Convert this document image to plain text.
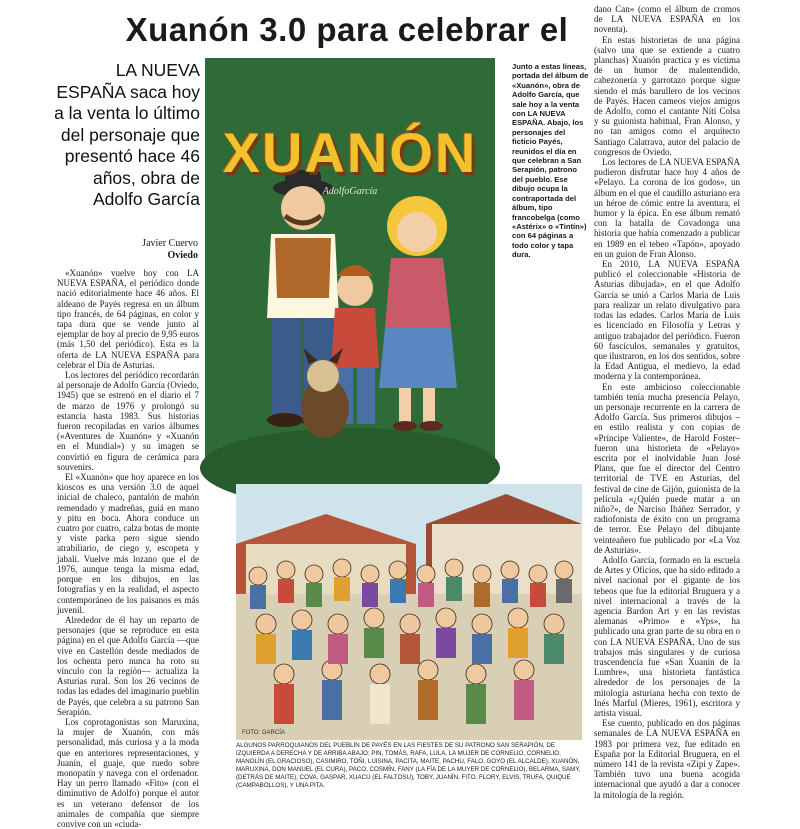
Xuanón 3.0 para celebrar el
LA NUEVA ESPAÑA saca hoy a la venta lo último del personaje que presentó hace 46 años, obra de Adolfo García
Javier Cuervo
Oviedo

«Xuanón» vuelve hoy con LA NUEVA ESPAÑA, el periódico donde nació editorialmente hace 46 años. El aldeano de Payés regresa en un álbum tipo francés, de 64 páginas, en color y tapa dura que se vende junto al ejemplar de hoy al precio de 9,95 euros (más 1,50 del periódico). Esta es la oferta de LA NUEVA ESPAÑA para celebrar el Día de Asturias.

Los lectores del periódico recordarán al personaje de Adolfo García (Oviedo, 1945) que se estrenó en el diario el 7 de marzo de 1976 y prolongó su estancia hasta 1983. Sus historias fueron recopiladas en varios álbumes («Aventures de Xuanón» y «Xuanón en el Mundial») y su imagen se convirtió en figura de cerámica para souvenirs.

El «Xuanón» que hoy aparece en los kioscos es una versión 3.0 de aquel inicial de chaleco, pantalón de mahón remendado y madreñas, guiá en mano y pitu en boca. Ahora conduce un cuatro por cuatro, calza botas de monte y viste parka pero sigue siendo atrabiliario, de ciego y, escopeta y jabalí. Vuelve más lozano que el de 1976, aunque tenga la misma edad, porque en los dibujos, en las fotografías y en la realidad, el aspecto contemporáneo de los paisanos es más juvenil.

Alrededor de él hay un reparto de personajes (que se reproduce en esta página) en el que Adolfo García —que vive en Castellón desde mediados de los ochenta pero nunca ha roto su vínculo con la región— actualiza la Asturias rural. Son los 26 vecinos de todas las edades del imaginario pueblín de Payés, que celebra a su patrono San Serapión.

Los coprotagonistas son Maruxina, la mujer de Xuanón, con más personalidad, más curiosa y a la moda que en anteriores representaciones, y Juanín, el guaje, que ruedo sobre monopatín y navega con el ordenador. Hay un perro llamado «Fito» (con el diminutivo de Adolfo) porque el autor es un veterano defensor de los animales de compañía que siempre convive con un «ciuda-

XUANÓN
AdolfoGarcía
Junto a estas líneas, portada del álbum de «Xuanón», obra de Adolfo García, que sale hoy a la venta con LA NUEVA ESPAÑA. Abajo, los personajes del ficticio Payés, reunidos el día en que celebran a San Serapión, patrono del pueblo. Ese dibujo ocupa la contraportada del álbum, tipo francobelga (como «Astérix» o «Tintín») con 64 páginas a todo color y tapa dura.

dano Can» (como el álbum de cromos de LA NUEVA ESPAÑA en los noventa).

En estas historietas de una página (salvo una que se extiende a cuatro planchas) Xuanón practica y es víctima de un humor de malentendido, cabezonería y garrotazo porque sigue siendo el más barullero de los vecinos de Payés. Hacen cameos viejos amigos de Adolfo, como el cantante Niti Colsa y su guionista habitual, Fran Alonso, y no tan amigos como el arquitecto Santiago Calatrava, autor del palacio de congresos de Oviedo.

Los lectores de LA NUEVA ESPAÑA pudieron disfrutar hace hoy 4 años de «Pelayo. La corona de los godos», un álbum en el que el caudillo asturiano era un héroe de cómic entre la aventura, el humor y la épica. En ese álbum remató con la batalla de Covadonga una historia que había comenzado a publicar en 1989 en el tebeo «Tapón», apoyado en un guion de Fran Alonso.

En 2010, LA NUEVA ESPAÑA publicó el coleccionable «Historia de Asturias dibujada», en el que Adolfo García se unió a Carlos María de Luis para realizar un relato divulgativo para todas las edades. Carlos María de Luis es licenciado en Filosofía y Letras y antiguo trabajador del periódico. Fueron 60 fascículos, semanales y gratuitos, que ilustraron, en los dos sentidos, sobre la Edad Antigua, el medievo, la edad moderna y la contemporánea.

En este ambicioso coleccionable también tenía mucha presencia Pelayo, un personaje recurrente en la carrera de Adolfo García. Sus primeros dibujos –en estilo realista y con copias de «Príncipe Valiente», de Harold Foster– fueron una historieta de «Pelayo» escrita por el inolvidable Juan José Plans, que fue el director del Centro territorial de TVE en Asturias, del festival de cine de Gijón, guionista de la película «¿Quién puede matar a un niño?», de Narciso Ibáñez Serrador, y radiofonista de éxito con un programa de terror. Ese Pelayo del dibujante veinteañero fue publicado por «La Voz de Asturias».

Adolfo García, formado en la escuela de Artes y Oficios, que ha sido editado a nivel nacional por el gigante de los tebeos que fue la editorial Bruguera y a nivel internacional a través de la agencia Bardon Art y en las revistas alemanas «Primo» e «Yps», ha publicado una gran parte de su obra en o con LA NUEVA ESPAÑA. Uno de sus trabajos más singulares y de curiosa trascendencia fue «San Xuanín de la Lumbre», una historieta fantástica alrededor de los personajes de la mitología asturiana hecha con texto de Inés Marful (Mieres, 1961), escritora y artista visual.

Ese cuento, publicado en dos páginas semanales de LA NUEVA ESPAÑA en 1983 por primera vez, fue editado en España por la Editorial Bruguera, en el número 141 de la revista «Zipi y Zape». También tuvo una buena acogida internacional que ayudó a dar a conocer la mitología de la región.

FOTO: GARCÍA
ALGUNOS PARROQUIANOS DEL PUEBLÍN DE PAYÉS EN LAS FIESTES DE SU PATRONO SAN SERAPIÓN, DE IZQUIERDA A DERECHA Y DE ARRIBA ABAJO: PIN, TOMÁS, RAFA, LULA, LA MUJER DE CORNELIO, CORNELIO, MANOLÍN (EL GRACIOSO), CASIMIRO, TOÑI, LUISINA, PACITA, MAITE, PACHU, FALO, GOYO (EL ALCALDE), XUANÓN, MARUXINA, DON MANUEL (EL CURA), PACO, COSMÍN, FANY (LA FÍA DE LA MUYER DE CORNELIO), BELARMA, SAMY, (DETRÁS DE MAITE), COVA, GASPAR, XUACU (EL FALTOSU), TOBY, JUANÍN, FITO, FLORY, ELVIS, TRUFA, QUIQUE (CAMPABOLLOS), Y UNA PITA.
